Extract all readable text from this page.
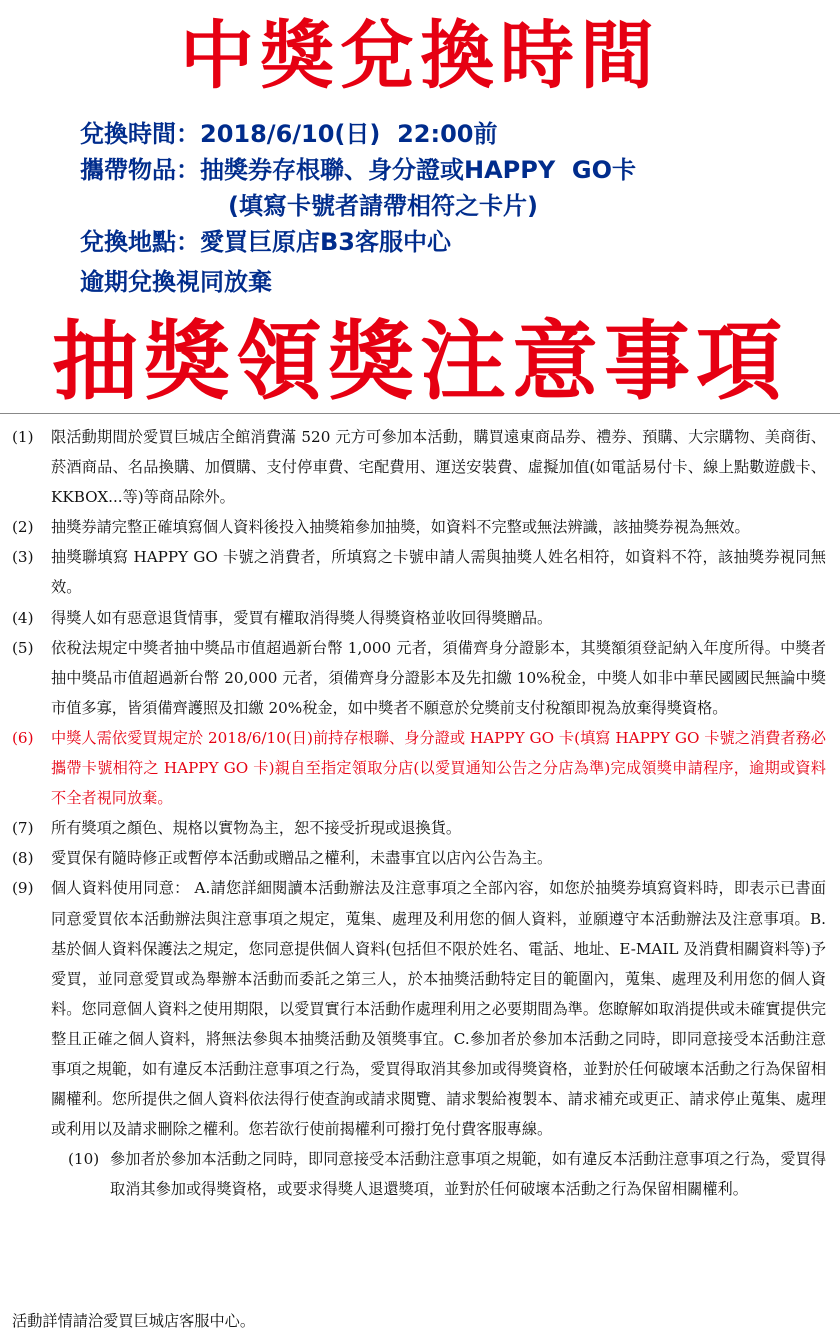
中獎兌換時間
兌換時間：2018/6/10(日)  22:00前
攜帶物品：抽獎券存根聯、身分證或HAPPY  GO卡
(填寫卡號者請帶相符之卡片)
兌換地點：愛買巨原店B3客服中心
逾期兌換視同放棄
抽獎領獎注意事項
(1) 限活動期間於愛買巨城店全館消費滿 520 元方可參加本活動，購買遠東商品券、禮券、預購、大宗購物、美商街、菸酒商品、名品換購、加價購、支付停車費、宅配費用、運送安裝費、虛擬加值(如電話易付卡、線上點數遊戲卡、KKBOX...等)等商品除外。
(2) 抽獎券請完整正確填寫個人資料後投入抽獎箱參加抽獎，如資料不完整或無法辨識，該抽獎券視為無效。
(3) 抽獎聯填寫 HAPPY GO 卡號之消費者，所填寫之卡號申請人需與抽獎人姓名相符，如資料不符，該抽獎券視同無效。
(4) 得獎人如有惡意退貨情事，愛買有權取消得獎人得獎資格並收回得獎贈品。
(5) 依稅法規定中獎者抽中獎品市值超過新台幣 1,000 元者，須備齊身分證影本，其獎額須登記納入年度所得。中獎者抽中獎品市值超過新台幣 20,000 元者，須備齊身分證影本及先扣繳 10%稅金，中獎人如非中華民國國民無論中獎市值多寡，皆須備齊護照及扣繳 20%稅金，如中獎者不願意於兌獎前支付稅額即視為放棄得獎資格。
(6) 中獎人需依愛買規定於 2018/6/10(日)前持存根聯、身分證或 HAPPY GO 卡(填寫 HAPPY GO 卡號之消費者務必攜帶卡號相符之 HAPPY GO 卡)親自至指定領取分店(以愛買通知公告之分店為準)完成領獎申請程序，逾期或資料不全者視同放棄。
(7) 所有獎項之顏色、規格以實物為主，恕不接受折現或退換貨。
(8) 愛買保有隨時修正或暫停本活動或贈品之權利，未盡事宜以店內公告為主。
(9) 個人資料使用同意： A.請您詳細閱讀本活動辦法及注意事項之全部內容，如您於抽獎券填寫資料時，即表示已書面同意愛買依本活動辦法與注意事項之規定，蒐集、處理及利用您的個人資料，並願遵守本活動辦法及注意事項。B.基於個人資料保護法之規定，您同意提供個人資料(包括但不限於姓名、電話、地址、E-MAIL 及消費相關資料等)予愛買，並同意愛買或為舉辦本活動而委託之第三人，於本抽獎活動特定目的範圍內，蒐集、處理及利用您的個人資料。您同意個人資料之使用期限，以愛買實行本活動作處理利用之必要期間為準。您瞭解如取消提供或未確實提供完整且正確之個人資料，將無法參與本抽獎活動及領獎事宜。C.參加者於參加本活動之同時，即同意接受本活動注意事項之規範，如有違反本活動注意事項之行為，愛買得取消其參加或得獎資格，並對於任何破壞本活動之行為保留相關權利。您所提供之個人資料依法得行使查詢或請求閱覽、請求製給複製本、請求補充或更正、請求停止蒐集、處理或利用以及請求刪除之權利。您若欲行使前揭權利可撥打免付費客服專線。
(10) 參加者於參加本活動之同時，即同意接受本活動注意事項之規範，如有違反本活動注意事項之行為，愛買得取消其參加或得獎資格，或要求得獎人退還獎項，並對於任何破壞本活動之行為保留相關權利。

活動詳情請洽愛買巨城店客服中心。
